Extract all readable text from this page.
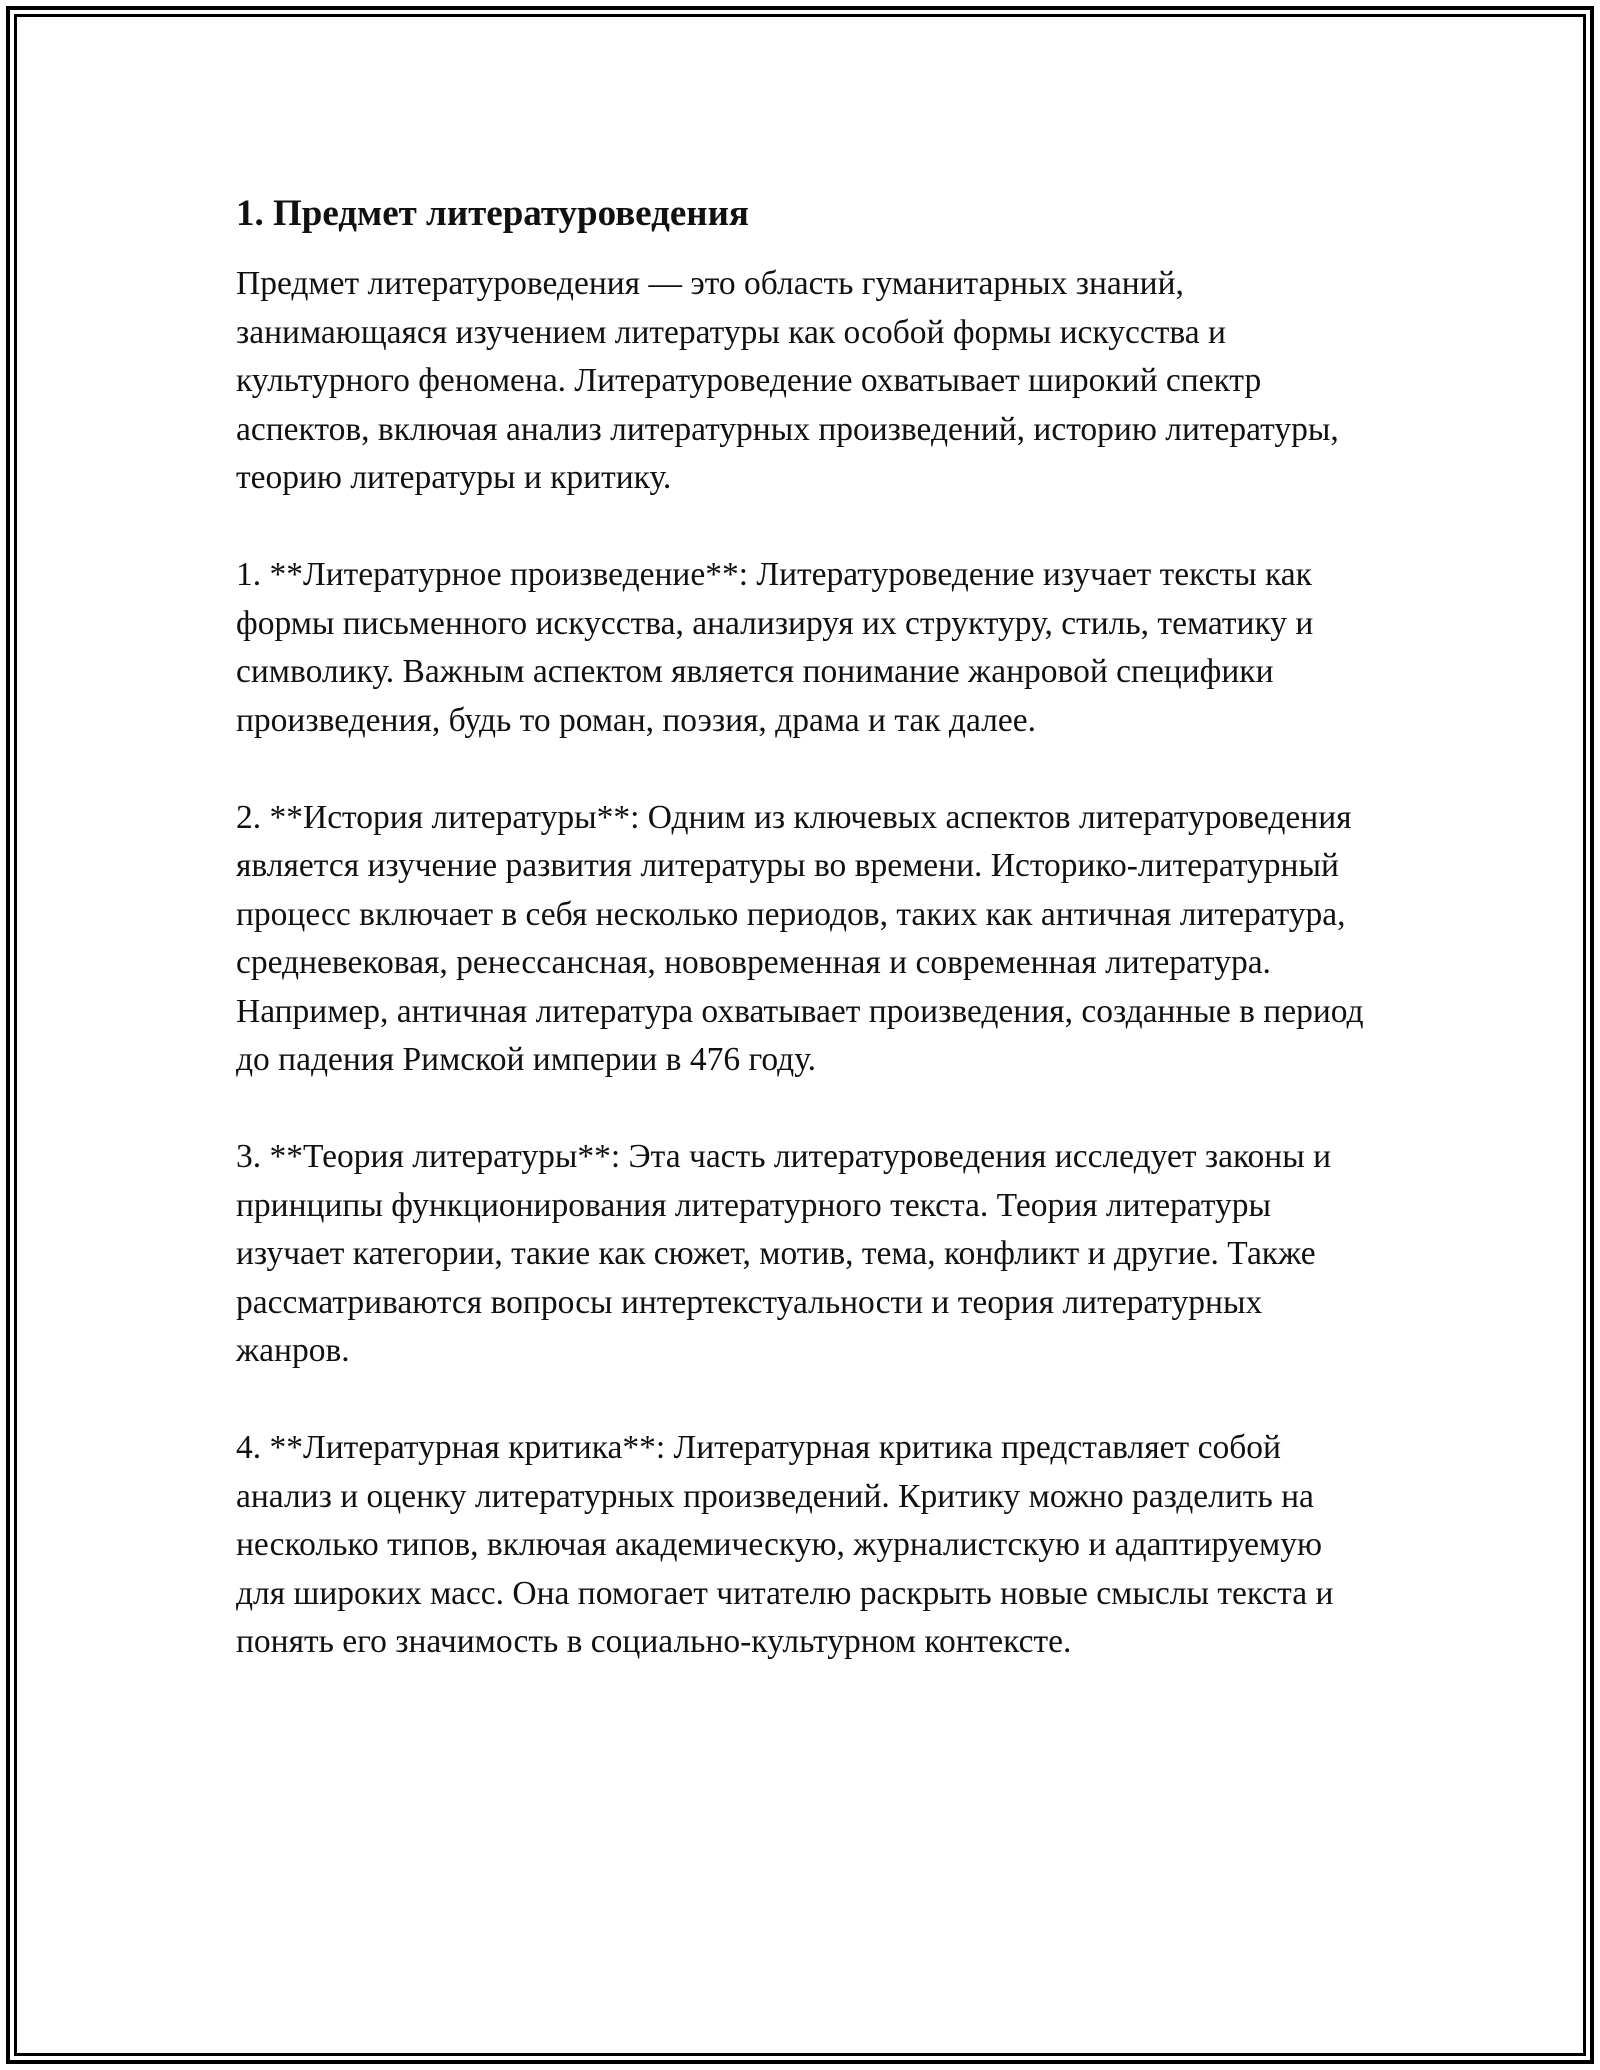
1. Предмет литературоведения

Предмет литературоведения — это область гуманитарных знаний, занимающаяся изучением литературы как особой формы искусства и культурного феномена. Литературоведение охватывает широкий спектр аспектов, включая анализ литературных произведений, историю литературы, теорию литературы и критику.

1. **Литературное произведение**: Литературоведение изучает тексты как формы письменного искусства, анализируя их структуру, стиль, тематику и символику. Важным аспектом является понимание жанровой специфики произведения, будь то роман, поэзия, драма и так далее.

2. **История литературы**: Одним из ключевых аспектов литературоведения является изучение развития литературы во времени. Историко-литературный процесс включает в себя несколько периодов, таких как античная литература, средневековая, ренессансная, нововременная и современная литература. Например, античная литература охватывает произведения, созданные в период до падения Римской империи в 476 году.

3. **Теория литературы**: Эта часть литературоведения исследует законы и принципы функционирования литературного текста. Теория литературы изучает категории, такие как сюжет, мотив, тема, конфликт и другие. Также рассматриваются вопросы интертекстуальности и теория литературных жанров.

4. **Литературная критика**: Литературная критика представляет собой анализ и оценку литературных произведений. Критику можно разделить на несколько типов, включая академическую, журналистскую и адаптируемую для широких масс. Она помогает читателю раскрыть новые смыслы текста и понять его значимость в социально-культурном контексте.
